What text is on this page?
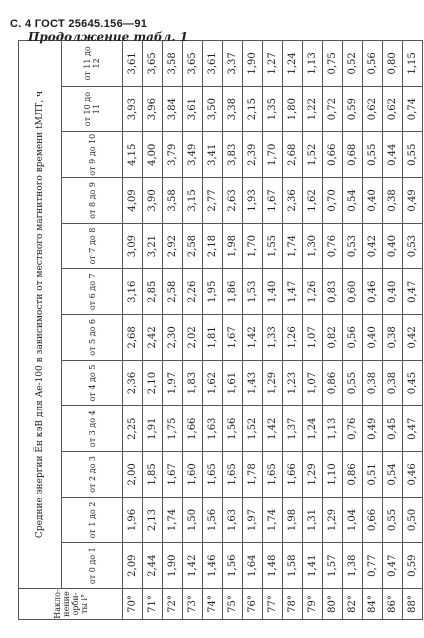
С. 4 ГОСТ 25645.156—91
Продолжение табл. 1
Накло-нение орби-ты i°	Средние энергии E̅н кэВ для Ae-100 в зависимости от местного магнитного времени tМЛТ, ч											
	от 0 до 1	от 1 до 2	от 2 до 3	от 3 до 4	от 4 до 5	от 5 до 6	от 6 до 7	от 7 до 8	от 8 до 9	от 9 до 10	от 10 до 11	от 11 до 12
70°	2,09	1,96	2,00	2,25	2,36	2,68	3,16	3,09	4,09	4,15	3,93	3,61
71°	2,44	2,13	1,85	1,91	2,10	2,42	2,85	3,21	3,90	4,00	3,96	3,65
72°	1,90	1,74	1,67	1,75	1,97	2,30	2,58	2,92	3,58	3,79	3,84	3,58
73°	1,42	1,50	1,60	1,66	1,83	2,02	2,26	2,58	3,15	3,49	3,61	3,65
74°	1,46	1,56	1,65	1,63	1,62	1,81	1,95	2,18	2,77	3,41	3,50	3,61
75°	1,56	1,63	1,65	1,56	1,61	1,67	1,86	1,98	2,63	3,83	3,38	3,37
76°	1,64	1,97	1,78	1,52	1,43	1,42	1,53	1,70	1,93	2,39	2,15	1,90
77°	1,48	1,74	1,65	1,42	1,29	1,33	1,40	1,55	1,67	1,70	1,35	1,27
78°	1,58	1,98	1,66	1,37	1,23	1,26	1,47	1,74	2,36	2,68	1,80	1,24
79°	1,41	1,31	1,29	1,24	1,07	1,07	1,26	1,30	1,62	1,52	1,22	1,13
80°	1,57	1,29	1,10	1,13	0,86	0,82	0,83	0,76	0,70	0,66	0,72	0,75
82°	1,38	1,04	0,86	0,76	0,55	0,56	0,60	0,53	0,54	0,68	0,59	0,52
84°	0,77	0,66	0,51	0,49	0,38	0,40	0,46	0,42	0,40	0,55	0,62	0,56
86°	0,47	0,55	0,54	0,45	0,38	0,38	0,40	0,40	0,38	0,44	0,62	0,80
88°	0,59	0,50	0,46	0,47	0,45	0,42	0,47	0,53	0,49	0,55	0,74	1,15
